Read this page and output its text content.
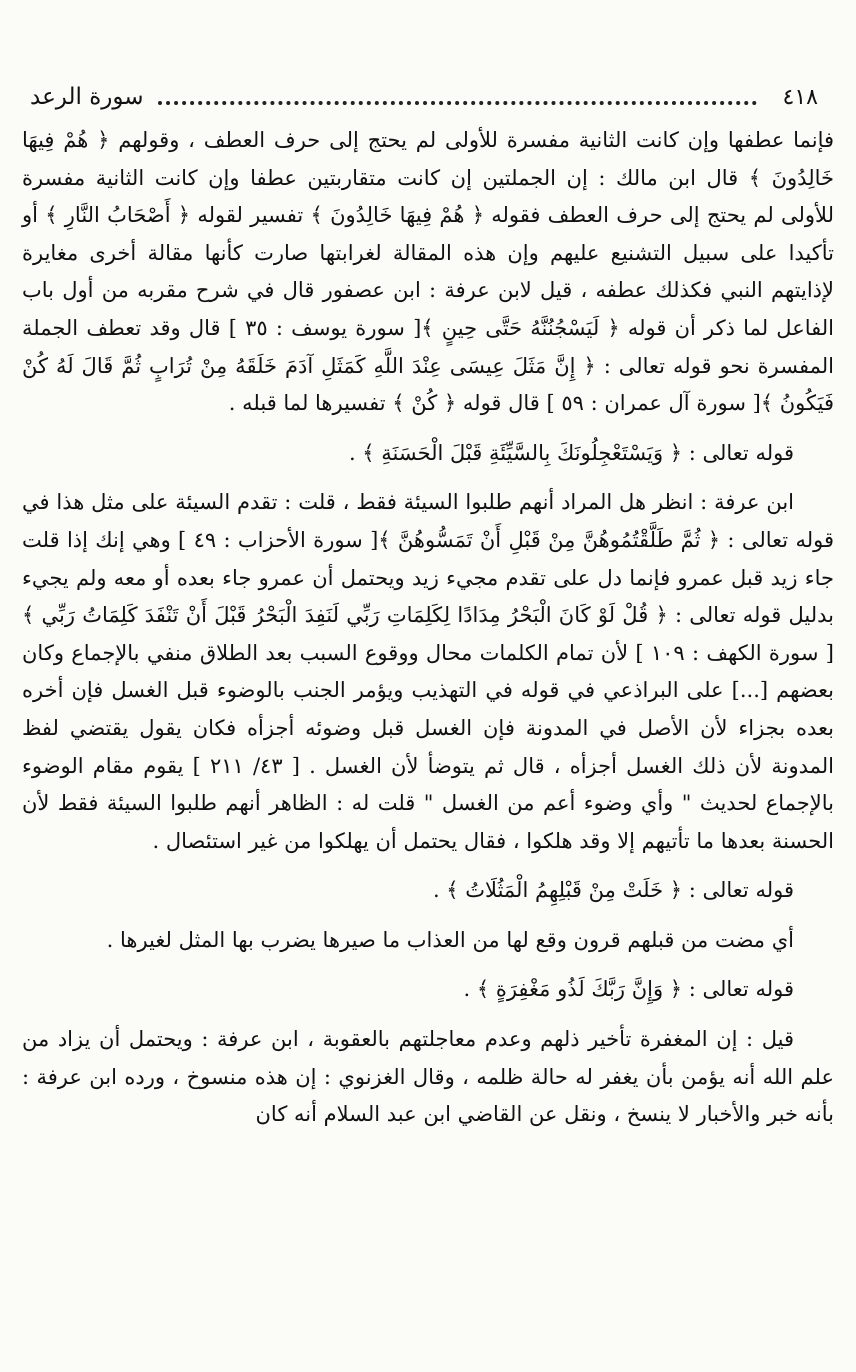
٤١٨
سورة الرعد

فإنما عطفها وإن كانت الثانية مفسرة للأولى لم يحتج إلى حرف العطف ، وقولهم ﴿ هُمْ فِيهَا خَالِدُونَ ﴾ قال ابن مالك : إن الجملتين إن كانت متقاربتين عطفا وإن كانت الثانية مفسرة للأولى لم يحتج إلى حرف العطف فقوله ﴿ هُمْ فِيهَا خَالِدُونَ ﴾ تفسير لقوله ﴿ أَصْحَابُ النَّارِ ﴾ أو تأكيدا على سبيل التشنيع عليهم وإن هذه المقالة لغرابتها صارت كأنها مقالة أخرى مغايرة لإذايتهم النبي فكذلك عطفه ، قيل لابن عرفة : ابن عصفور قال في شرح مقربه من أول باب الفاعل لما ذكر أن قوله ﴿ لَيَسْجُنُنَّهُ حَتَّى حِينٍ ﴾[ سورة يوسف : ٣٥ ] قال وقد تعطف الجملة المفسرة نحو قوله تعالى : ﴿ إِنَّ مَثَلَ عِيسَى عِنْدَ اللَّهِ كَمَثَلِ آدَمَ خَلَقَهُ مِنْ تُرَابٍ ثُمَّ قَالَ لَهُ كُنْ فَيَكُونُ ﴾[ سورة آل عمران : ٥٩ ] قال قوله ﴿ كُنْ ﴾ تفسيرها لما قبله .

قوله تعالى : ﴿ وَيَسْتَعْجِلُونَكَ بِالسَّيِّئَةِ قَبْلَ الْحَسَنَةِ ﴾ .

ابن عرفة : انظر هل المراد أنهم طلبوا السيئة فقط ، قلت : تقدم السيئة على مثل هذا في قوله تعالى : ﴿ ثُمَّ طَلَّقْتُمُوهُنَّ مِنْ قَبْلِ أَنْ تَمَسُّوهُنَّ ﴾[ سورة الأحزاب : ٤٩ ] وهي إنك إذا قلت جاء زيد قبل عمرو فإنما دل على تقدم مجيء زيد ويحتمل أن عمرو جاء بعده أو معه ولم يجيء بدليل قوله تعالى : ﴿ قُلْ لَوْ كَانَ الْبَحْرُ مِدَادًا لِكَلِمَاتِ رَبِّي لَنَفِدَ الْبَحْرُ قَبْلَ أَنْ تَنْفَدَ كَلِمَاتُ رَبِّي ﴾ [ سورة الكهف : ١٠٩ ] لأن تمام الكلمات محال ووقوع السبب بعد الطلاق منفي بالإجماع وكان بعضهم [...] على البراذعي في قوله في التهذيب ويؤمر الجنب بالوضوء قبل الغسل فإن أخره بعده بجزاء لأن الأصل في المدونة فإن الغسل قبل وضوئه أجزأه فكان يقول يقتضي لفظ المدونة لأن ذلك الغسل أجزأه ، قال ثم يتوضأ لأن الغسل . [ ٤٣/ ٢١١ ] يقوم مقام الوضوء بالإجماع لحديث " وأي وضوء أعم من الغسل " قلت له : الظاهر أنهم طلبوا السيئة فقط لأن الحسنة بعدها ما تأتيهم إلا وقد هلكوا ، فقال يحتمل أن يهلكوا من غير استئصال .

قوله تعالى : ﴿ خَلَتْ مِنْ قَبْلِهِمُ الْمَثُلَاتُ ﴾ .

أي مضت من قبلهم قرون وقع لها من العذاب ما صيرها يضرب بها المثل لغيرها .

قوله تعالى : ﴿ وَإِنَّ رَبَّكَ لَذُو مَغْفِرَةٍ ﴾ .

قيل : إن المغفرة تأخير ذلهم وعدم معاجلتهم بالعقوبة ، ابن عرفة : ويحتمل أن يزاد من علم الله أنه يؤمن بأن يغفر له حالة ظلمه ، وقال الغزنوي : إن هذه منسوخ ، ورده ابن عرفة : بأنه خبر والأخبار لا ينسخ ، ونقل عن القاضي ابن عبد السلام أنه كان
